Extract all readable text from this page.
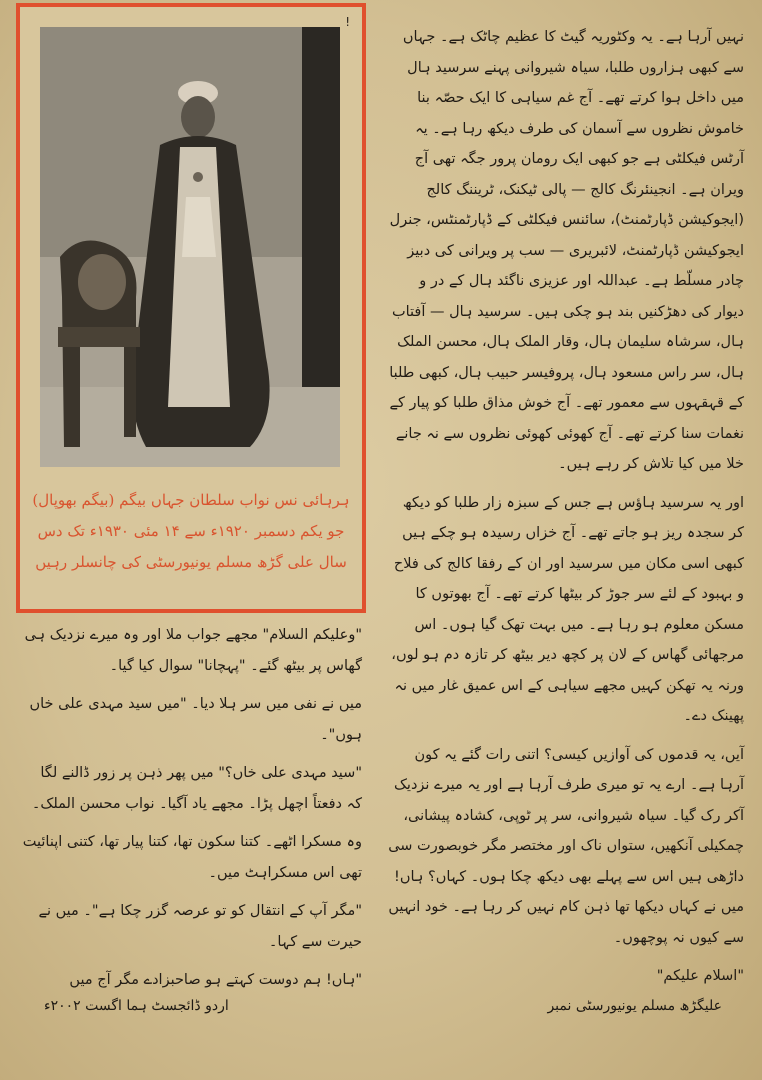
!
ہرہائی نس نواب سلطان جہاں بیگم (بیگم بھوپال) جو یکم دسمبر ۱۹۲۰ء سے ۱۴ مئی ۱۹۳۰ء تک دس سال علی گڑھ مسلم یونیورسٹی کی چانسلر رہیں

نہیں آرہا ہے۔ یہ وکٹوریہ گیٹ کا عظیم چاٹک ہے۔ جہاں سے کبھی ہزاروں طلبا، سیاہ شیروانی پہنے سرسید ہال میں داخل ہوا کرتے تھے۔ آج غم سیاہی کا ایک حصّہ بنا خاموش نظروں سے آسمان کی طرف دیکھ رہا ہے۔ یہ آرٹس فیکلٹی ہے جو کبھی ایک رومان پرور جگہ تھی آج ویران ہے۔ انجینئرنگ کالج — پالی ٹیکنک، ٹریننگ کالج (ایجوکیشن ڈپارٹمنٹ)، سائنس فیکلٹی کے ڈپارٹمنٹس، جنرل ایجوکیشن ڈپارٹمنٹ، لائبریری — سب پر ویرانی کی دبیز چادر مسلّط ہے۔ عبداللہ اور عزیزی ناگئد ہال کے در و دیوار کی دھڑکنیں بند ہو چکی ہیں۔ سرسید ہال — آفتاب ہال، سرشاہ سلیمان ہال، وقار الملک ہال، محسن الملک ہال، سر راس مسعود ہال، پروفیسر حبیب ہال، کبھی طلبا کے قہقہوں سے معمور تھے۔ آج خوش مذاق طلبا کو پیار کے نغمات سنا کرتے تھے۔ آج کھوئی کھوئی نظروں سے نہ جانے خلا میں کیا تلاش کر رہے ہیں۔

اور یہ سرسید ہاؤس ہے جس کے سبزہ زار طلبا کو دیکھ کر سجدہ ریز ہو جاتے تھے۔ آج خزاں رسیدہ ہو چکے ہیں کبھی اسی مکان میں سرسید اور ان کے رفقا کالج کی فلاح و بہبود کے لئے سر جوڑ کر بیٹھا کرتے تھے۔ آج بھوتوں کا مسکن معلوم ہو رہا ہے۔ میں بہت تھک گیا ہوں۔ اس مرجھائی گھاس کے لان پر کچھ دیر بیٹھ کر تازہ دم ہو لوں، ورنہ یہ تھکن کہیں مجھے سیاہی کے اس عمیق غار میں نہ پھینک دے۔

آیں، یہ قدموں کی آوازیں کیسی؟ اتنی رات گئے یہ کون آرہا ہے۔ ارے یہ تو میری طرف آرہا ہے اور یہ میرے نزدیک آکر رک گیا۔ سیاہ شیروانی، سر پر ٹوپی، کشادہ پیشانی، چمکیلی آنکھیں، ستواں ناک اور مختصر مگر خوبصورت سی داڑھی ہیں اس سے پہلے بھی دیکھ چکا ہوں۔ کہاں؟ ہاں! میں نے کہاں دیکھا تھا ذہن کام نہیں کر رہا ہے۔ خود انہیں سے کیوں نہ پوچھوں۔

"اسلام علیکم"

"وعلیکم السلام" مجھے جواب ملا اور وہ میرے نزدیک ہی گھاس پر بیٹھ گئے۔ "پہچانا" سوال کیا گیا۔

میں نے نفی میں سر ہلا دیا۔ "میں سید مہدی علی خاں ہوں"۔

"سید مہدی علی خاں؟" میں پھر ذہن پر زور ڈالنے لگا کہ دفعتاً اچھل پڑا۔ مجھے یاد آگیا۔ نواب محسن الملک۔

وہ مسکرا اٹھے۔ کتنا سکون تھا، کتنا پیار تھا، کتنی اپنائیت تھی اس مسکراہٹ میں۔

"مگر آپ کے انتقال کو تو عرصہ گزر چکا ہے"۔ میں نے حیرت سے کہا۔

"ہاں! ہم دوست کہتے ہو صاحبزادے مگر آج میں

علیگڑھ مسلم یونیورسٹی نمبر
اردو ڈائجسٹ ہما اگست ۲۰۰۲ء
